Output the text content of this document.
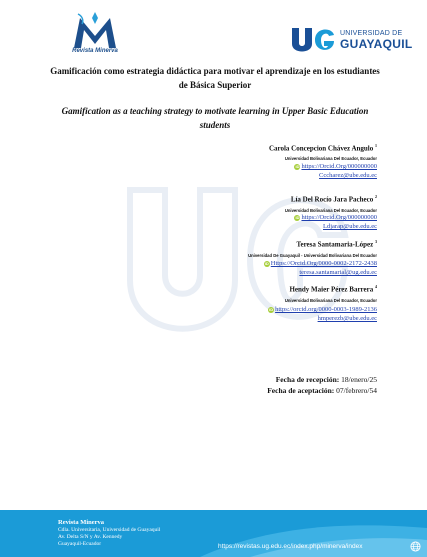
Revista Minerva
UNIVERSIDAD DE
GUAYAQUIL
Gamificación como estrategia didáctica para motivar el aprendizaje en los estudiantes de Básica Superior
Gamification as a teaching strategy to motivate learning in Upper Basic Education students
Carola Concepcion Chávez Angulo $^1$
Universidad Bolivariana Del Ecuador, Ecuador
iD https://Orcid.Org/000000000
Cccharez@ube.edu.ec
Lía Del Rocío Jara Pacheco $^2$
Universidad Bolivariana Del Ecuador, Ecuador
iD https://Orcid.Org/000000000
Ldjarap@ube.edu.ec
Teresa Santamaria-López $^3$
Universidad De Guayaquil - Universidad Bolivariana Del Ecuador
iD Https://Orcid.Org/0000-0002-2172-2438
teresa.santamarial@ug.edu.ec
Hendy Maier Pérez Barrera $^4$
Universidad Bolivariana Del Ecuador, Ecuador
iD https://orcid.org/0000-0003-1989-2136
hmperezb@ube.edu.ec
Fecha de recepción: 18/enero/25
Fecha de aceptación: 07/febrero/54
Revista Minerva
Cdla. Universitaria, Universidad de Guayaquil
Av. Delta S/N y Av. Kennedy
Guayaquil-Ecuador	https://revistas.ug.edu.ec/index.php/minerva/index
